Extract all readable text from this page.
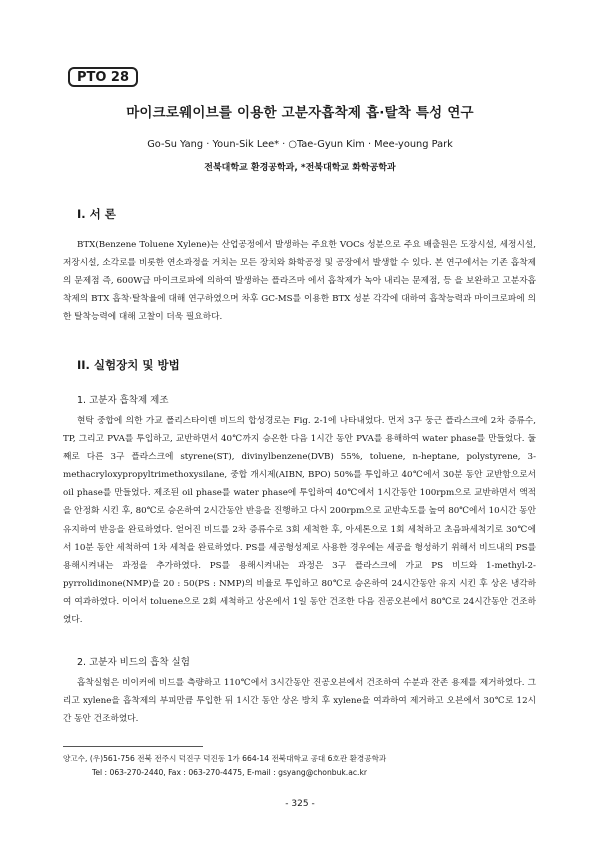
PTO 28
마이크로웨이브를 이용한 고분자흡착제 흡·탈착 특성 연구
Go-Su Yang · Youn-Sik Lee* · ○Tae-Gyun Kim · Mee-young Park
전북대학교 환경공학과, *전북대학교 화학공학과
I. 서 론

BTX(Benzene Toluene Xylene)는 산업공정에서 발생하는 주요한 VOCs 성분으로 주요 배출원은 도장시설, 세정시설, 저장시설, 소각로를 비롯한 연소과정을 거치는 모든 장치와 화학공정 및 공장에서 발생할 수 있다. 본 연구에서는 기존 흡착제의 문제점 즉, 600W급 마이크로파에 의하여 발생하는 플라즈마 에서 흡착제가 녹아 내리는 문제점, 등 을 보완하고 고분자흡착제의 BTX 흡착·탈착율에 대해 연구하였으며 차후 GC-MS를 이용한 BTX 성분 각각에 대하여 흡착능력과 마이크로파에 의한 탈착능력에 대해 고찰이 더욱 필요하다.

II. 실험장치 및 방법
1. 고분자 흡착제 제조

현탁 중합에 의한 가교 폴리스타이렌 비드의 합성경로는 Fig. 2-1에 나타내었다. 먼저 3구 둥근 플라스크에 2차 증류수, TP, 그리고 PVA를 투입하고, 교반하면서 40℃까지 승온한 다음 1시간 동안 PVA를 용해하여 water phase를 만들었다. 둘째로 다른 3구 플라스크에 styrene(ST), divinylbenzene(DVB) 55%, toluene, n-heptane, polystyrene, 3-methacryloxypropyltrimethoxysilane, 중합 개시제(AIBN, BPO) 50%를 투입하고 40℃에서 30분 동안 교반함으로서 oil phase를 만들었다. 제조된 oil phase를 water phase에 투입하여 40℃에서 1시간동안 100rpm으로 교반하면서 액적을 안정화 시킨 후, 80℃로 승온하여 2시간동안 반응을 진행하고 다시 200rpm으로 교반속도를 높여 80℃에서 10시간 동안 유지하여 반응을 완료하였다. 얻어진 비드를 2차 증류수로 3회 세척한 후, 아세톤으로 1회 세척하고 초음파세척기로 30℃에서 10분 동안 세척하여 1차 세척을 완료하였다. PS를 세공형성제로 사용한 경우에는 세공을 형성하기 위해서 비드내의 PS를 용해시켜내는 과정을 추가하였다. PS를 용해시켜내는 과정은 3구 플라스크에 가교 PS 비드와 1-methyl-2-pyrrolidinone(NMP)을 20 : 50(PS : NMP)의 비율로 투입하고 80℃로 승온하여 24시간동안 유지 시킨 후 상온 냉각하여 여과하였다. 이어서 toluene으로 2회 세척하고 상온에서 1일 동안 건조한 다음 진공오븐에서 80℃로 24시간동안 건조하였다.

2. 고분자 비드의 흡착 실험

흡착실험은 비이커에 비드를 측량하고 110℃에서 3시간동안 진공오븐에서 건조하여 수분과 잔존 용제를 제거하였다. 그리고 xylene을 흡착제의 부피만큼 투입한 뒤 1시간 동안 상온 방치 후 xylene을 여과하여 제거하고 오븐에서 30℃로 12시간 동안 건조하였다.

양고수, (우)561-756 전북 전주시 덕진구 덕진동 1가 664-14 전북대학교 공대 6호관 환경공학과
Tel : 063-270-2440, Fax : 063-270-4475, E-mail : gsyang@chonbuk.ac.kr
- 325 -
